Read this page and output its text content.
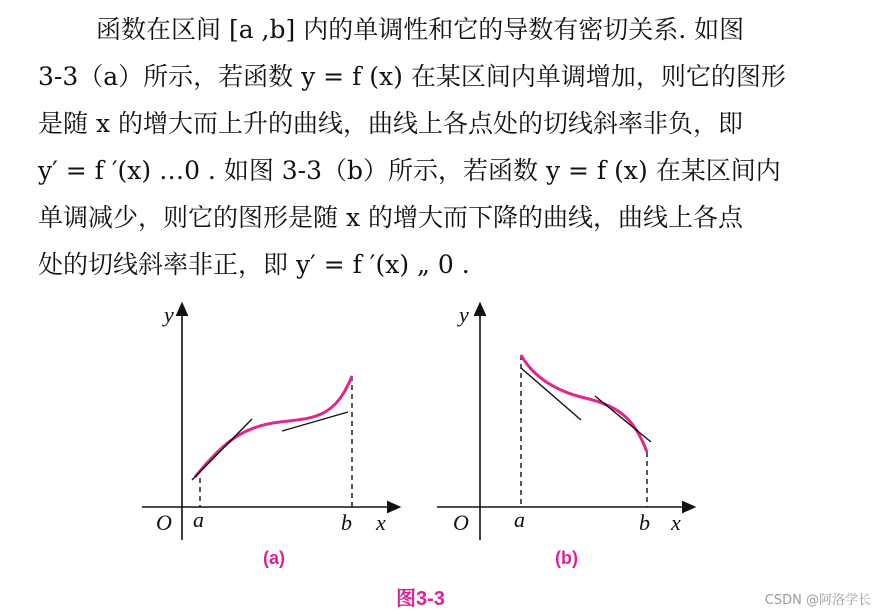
函数在区间 [a ,b] 内的单调性和它的导数有密切关系. 如图
3-3（a）所示，若函数 y = f (x) 在某区间内单调增加，则它的图形
是随 x 的增大而上升的曲线，曲线上各点处的切线斜率非负，即
y′ = f ′(x) …0 . 如图 3-3（b）所示，若函数 y = f (x) 在某区间内
单调减少，则它的图形是随 x 的增大而下降的曲线，曲线上各点
处的切线斜率非正，即 y′ = f ′(x) „ 0 .
y
x
O a	b
(a)
y
x
O a	b
(b)
图3-3	CSDN @阿洛学长
